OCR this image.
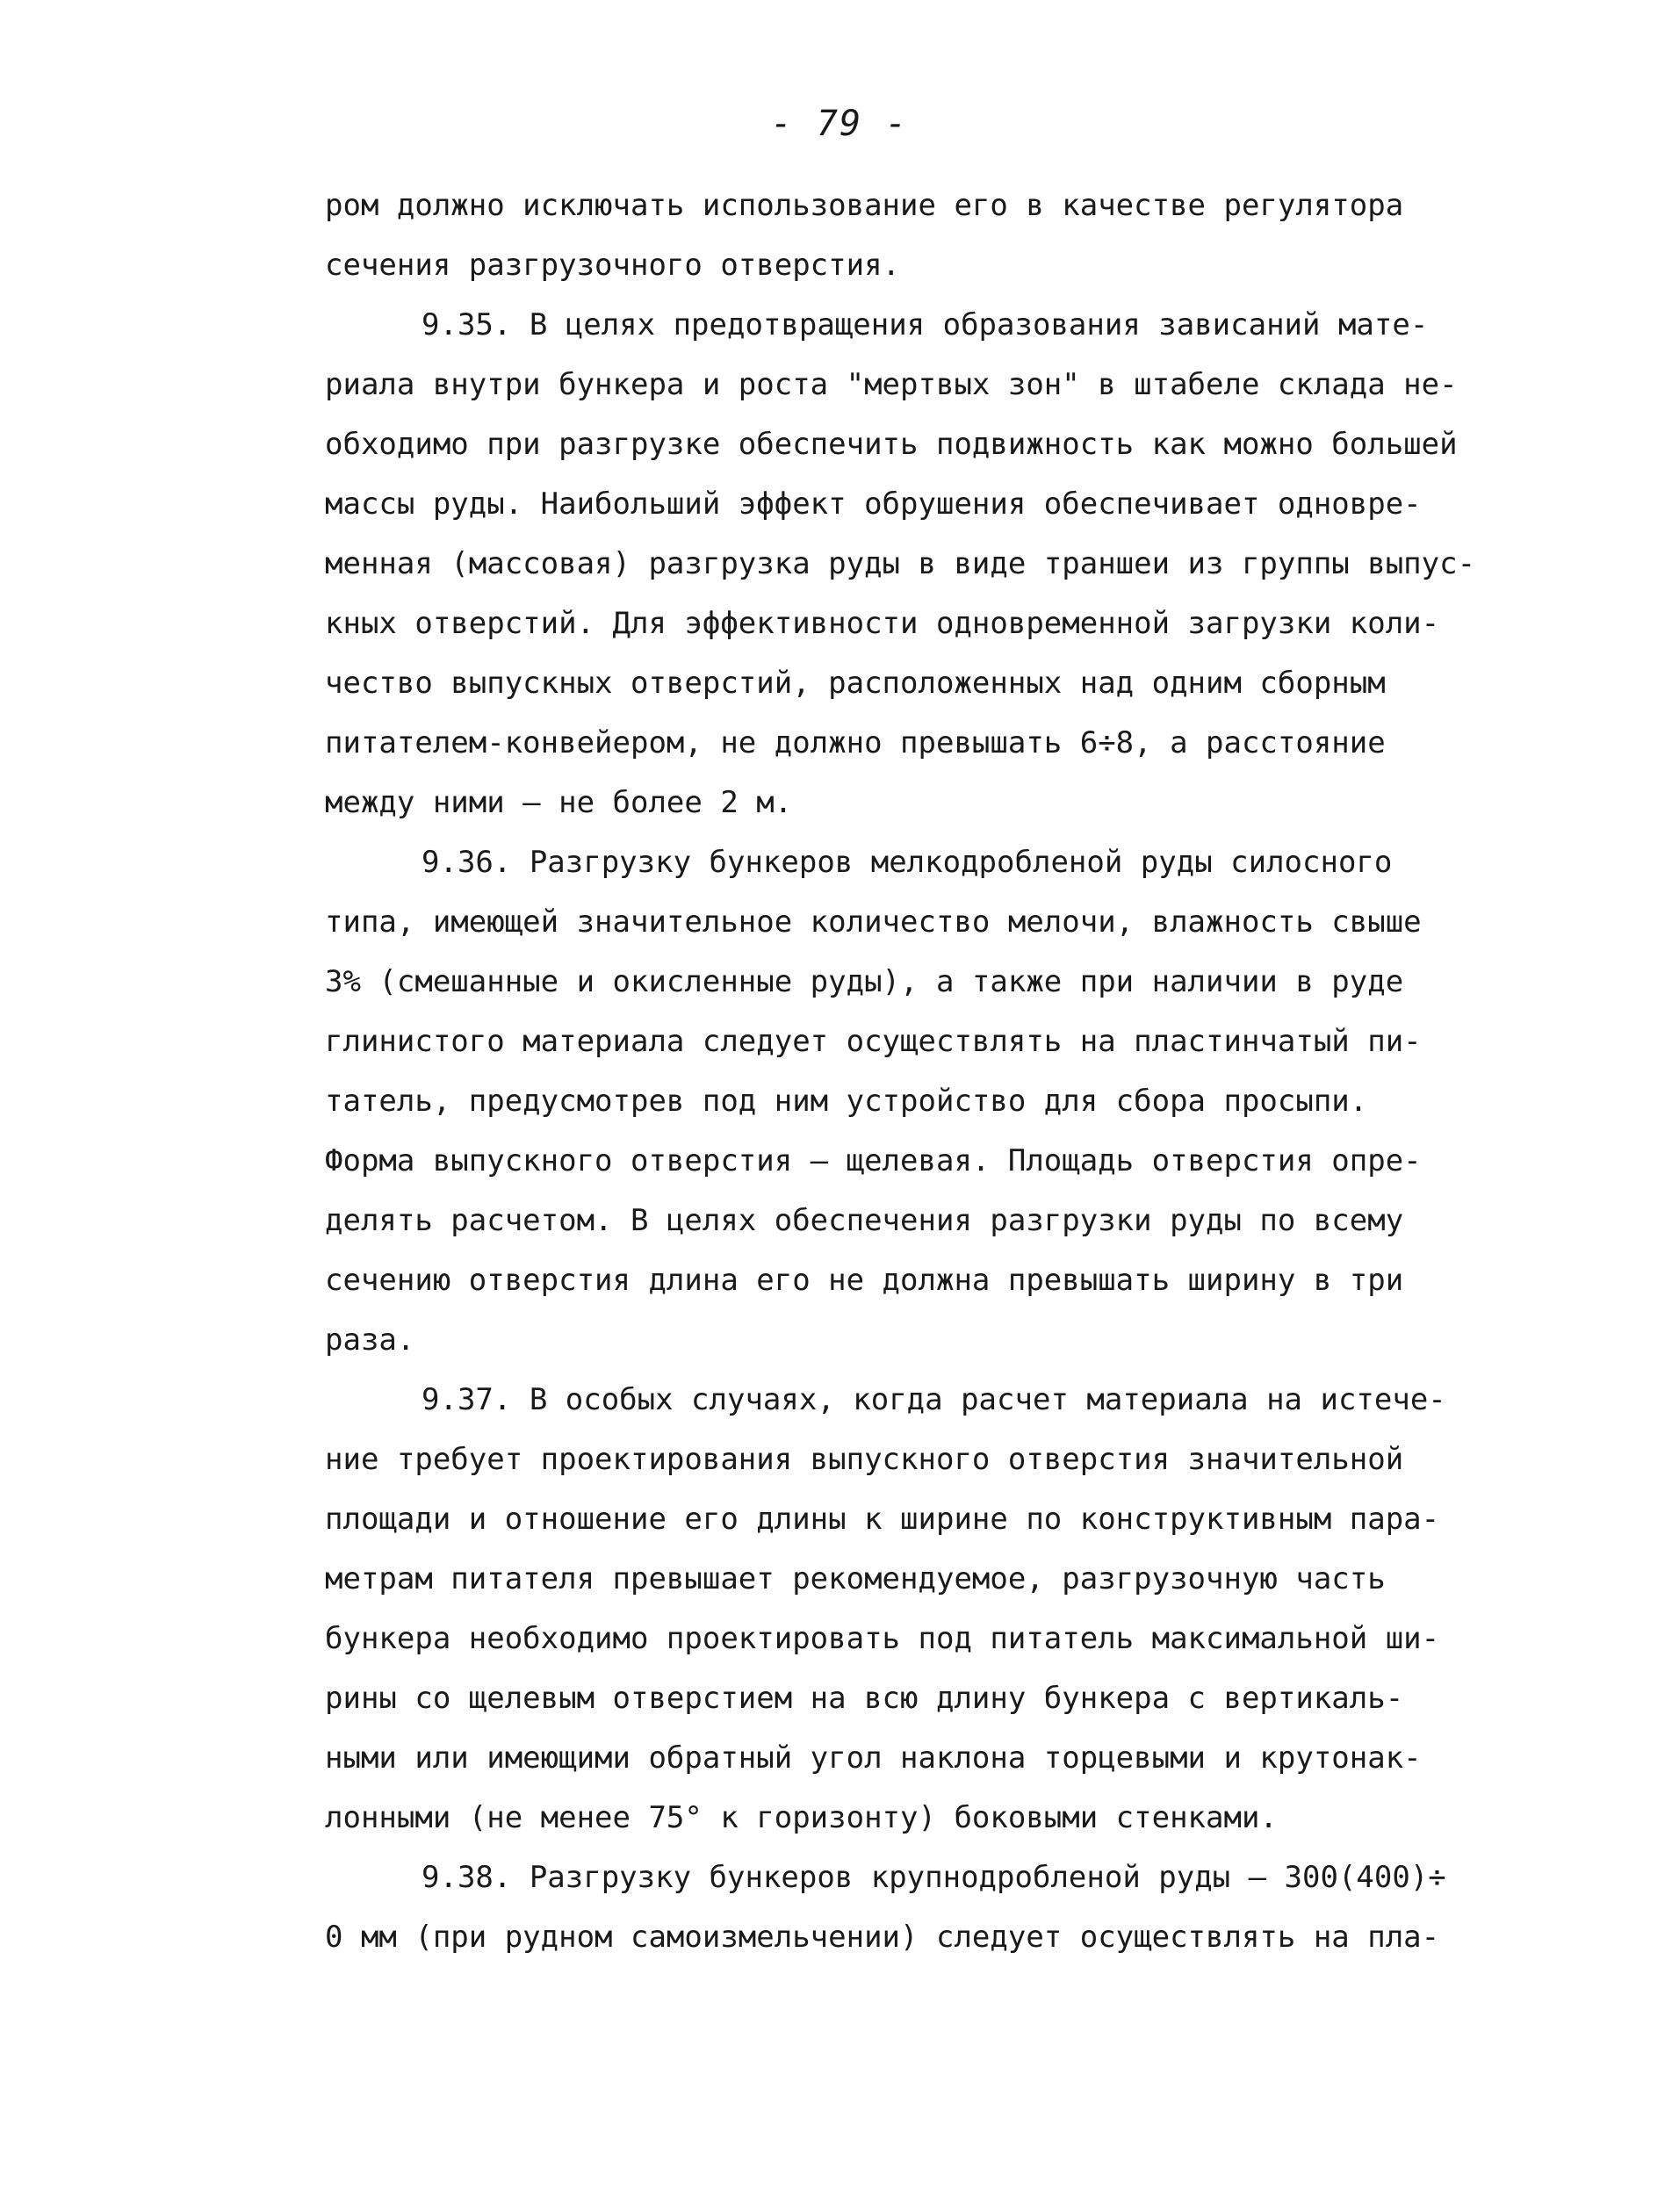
- 79 -
ром должно исключать использование его в качестве регулятора
сечения разгрузочного отверстия.
9.35. В целях предотвращения образования зависаний мате-
риала внутри бункера и роста "мертвых зон" в штабеле склада не-
обходимо при разгрузке обеспечить подвижность как можно большей
массы руды. Наибольший эффект обрушения обеспечивает одновре-
менная (массовая) разгрузка руды в виде траншеи из группы выпус-
кных отверстий. Для эффективности одновременной загрузки коли-
чество выпускных отверстий, расположенных над одним сборным
питателем-конвейером, не должно превышать 6÷8, а расстояние
между ними – не более 2 м.
9.36. Разгрузку бункеров мелкодробленой руды силосного
типа, имеющей значительное количество мелочи, влажность свыше
3% (смешанные и окисленные руды), а также при наличии в руде
глинистого материала следует осуществлять на пластинчатый пи-
татель, предусмотрев под ним устройство для сбора просыпи.
Форма выпускного отверстия – щелевая. Площадь отверстия опре-
делять расчетом. В целях обеспечения разгрузки руды по всему
сечению отверстия длина его не должна превышать ширину в три
раза.
9.37. В особых случаях, когда расчет материала на истече-
ние требует проектирования выпускного отверстия значительной
площади и отношение его длины к ширине по конструктивным пара-
метрам питателя превышает рекомендуемое, разгрузочную часть
бункера необходимо проектировать под питатель максимальной ши-
рины со щелевым отверстием на всю длину бункера с вертикаль-
ными или имеющими обратный угол наклона торцевыми и крутонак-
лонными (не менее 75° к горизонту) боковыми стенками.
9.38. Разгрузку бункеров крупнодробленой руды – 300(400)÷
0 мм (при рудном самоизмельчении) следует осуществлять на пла-
